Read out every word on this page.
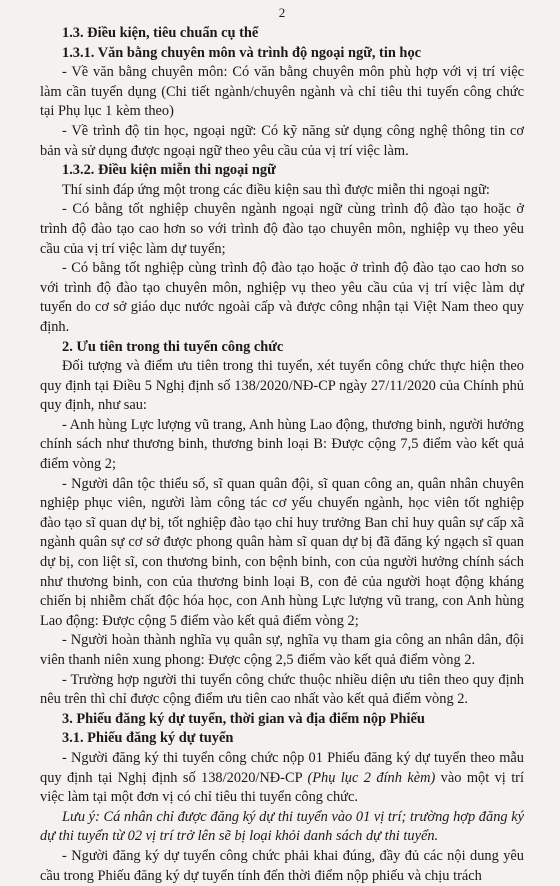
2

1.3. Điều kiện, tiêu chuẩn cụ thể

1.3.1. Văn bằng chuyên môn và trình độ ngoại ngữ, tin học

- Về văn bằng chuyên môn: Có văn bằng chuyên môn phù hợp với vị trí việc làm cần tuyển dụng (Chi tiết ngành/chuyên ngành và chỉ tiêu thi tuyển công chức tại Phụ lục 1 kèm theo)

- Về trình độ tin học, ngoại ngữ: Có kỹ năng sử dụng công nghệ thông tin cơ bản và sử dụng được ngoại ngữ theo yêu cầu của vị trí việc làm.

1.3.2. Điều kiện miễn thi ngoại ngữ

Thí sinh đáp ứng một trong các điều kiện sau thì được miễn thi ngoại ngữ:

- Có bằng tốt nghiệp chuyên ngành ngoại ngữ cùng trình độ đào tạo hoặc ở trình độ đào tạo cao hơn so với trình độ đào tạo chuyên môn, nghiệp vụ theo yêu cầu của vị trí việc làm dự tuyển;

- Có bằng tốt nghiệp cùng trình độ đào tạo hoặc ở trình độ đào tạo cao hơn so với trình độ đào tạo chuyên môn, nghiệp vụ theo yêu cầu của vị trí việc làm dự tuyển do cơ sở giáo dục nước ngoài cấp và được công nhận tại Việt Nam theo quy định.

2. Ưu tiên trong thi tuyển công chức

Đối tượng và điểm ưu tiên trong thi tuyển, xét tuyển công chức thực hiện theo quy định tại Điều 5 Nghị định số 138/2020/NĐ-CP ngày 27/11/2020 của Chính phủ quy định, như sau:

- Anh hùng Lực lượng vũ trang, Anh hùng Lao động, thương binh, người hưởng chính sách như thương binh, thương binh loại B: Được cộng 7,5 điểm vào kết quả điểm vòng 2;

- Người dân tộc thiểu số, sĩ quan quân đội, sĩ quan công an, quân nhân chuyên nghiệp phục viên, người làm công tác cơ yếu chuyển ngành, học viên tốt nghiệp đào tạo sĩ quan dự bị, tốt nghiệp đào tạo chỉ huy trưởng Ban chỉ huy quân sự cấp xã ngành quân sự cơ sở được phong quân hàm sĩ quan dự bị đã đăng ký ngạch sĩ quan dự bị, con liệt sĩ, con thương binh, con bệnh binh, con của người hưởng chính sách như thương binh, con của thương binh loại B, con đẻ của người hoạt động kháng chiến bị nhiễm chất độc hóa học, con Anh hùng Lực lượng vũ trang, con Anh hùng Lao động: Được cộng 5 điểm vào kết quả điểm vòng 2;

- Người hoàn thành nghĩa vụ quân sự, nghĩa vụ tham gia công an nhân dân, đội viên thanh niên xung phong: Được cộng 2,5 điểm vào kết quả điểm vòng 2.

- Trường hợp người thi tuyển công chức thuộc nhiều diện ưu tiên theo quy định nêu trên thì chỉ được cộng điểm ưu tiên cao nhất vào kết quả điểm vòng 2.

3. Phiếu đăng ký dự tuyển, thời gian và địa điểm nộp Phiếu

3.1. Phiếu đăng ký dự tuyển

- Người đăng ký thi tuyển công chức nộp 01 Phiếu đăng ký dự tuyển theo mẫu quy định tại Nghị định số 138/2020/NĐ-CP (Phụ lục 2 đính kèm) vào một vị trí việc làm tại một đơn vị có chỉ tiêu thi tuyển công chức.

Lưu ý: Cá nhân chỉ được đăng ký dự thi tuyển vào 01 vị trí; trường hợp đăng ký dự thi tuyển từ 02 vị trí trở lên sẽ bị loại khỏi danh sách dự thi tuyển.

- Người đăng ký dự tuyển công chức phải khai đúng, đầy đủ các nội dung yêu cầu trong Phiếu đăng ký dự tuyển tính đến thời điểm nộp phiếu và chịu trách
